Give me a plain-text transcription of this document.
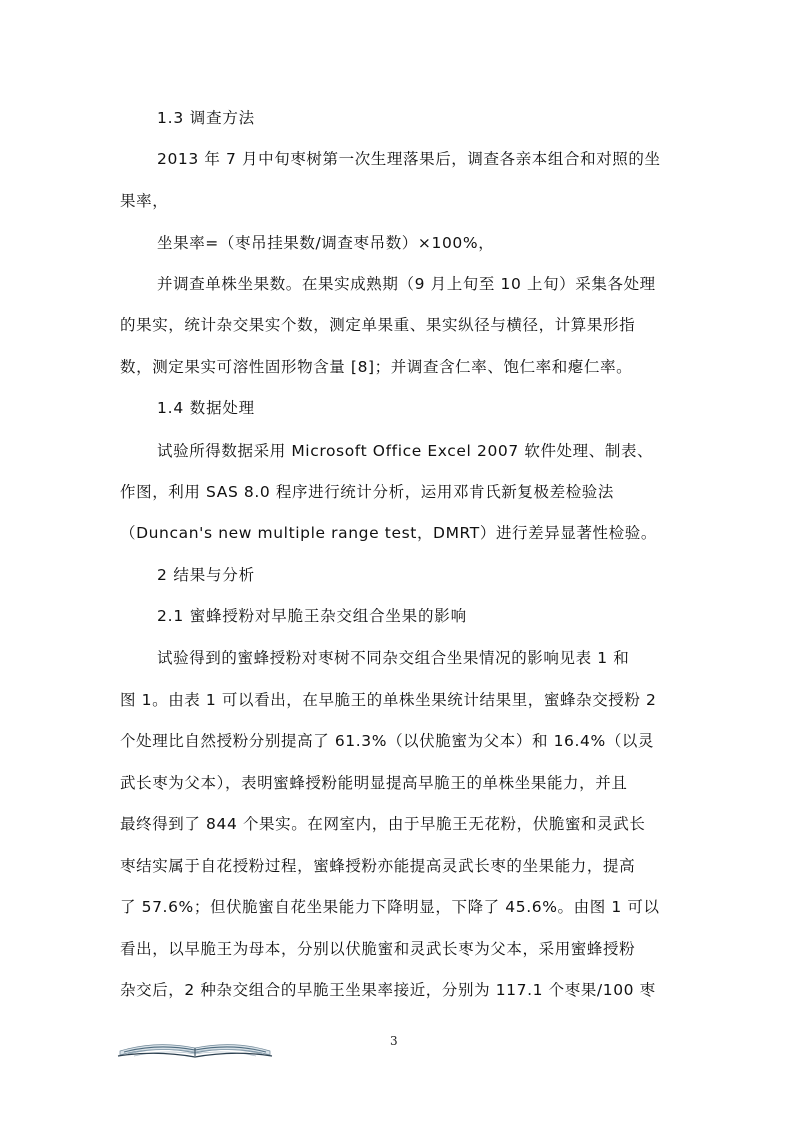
1.3 调查方法
2013 年 7 月中旬枣树第一次生理落果后，调查各亲本组合和对照的坐
果率，
坐果率=（枣吊挂果数/调查枣吊数）×100%，
并调查单株坐果数。在果实成熟期（9 月上旬至 10 上旬）采集各处理
的果实，统计杂交果实个数，测定单果重、果实纵径与横径，计算果形指
数，测定果实可溶性固形物含量 [8]；并调查含仁率、饱仁率和瘪仁率。
1.4 数据处理
试验所得数据采用 Microsoft Office Excel 2007 软件处理、制表、
作图，利用 SAS 8.0 程序进行统计分析，运用邓肯氏新复极差检验法
（Duncan's new multiple range test，DMRT）进行差异显著性检验。
2 结果与分析
2.1 蜜蜂授粉对早脆王杂交组合坐果的影响
试验得到的蜜蜂授粉对枣树不同杂交组合坐果情况的影响见表 1 和
图 1。由表 1 可以看出，在早脆王的单株坐果统计结果里，蜜蜂杂交授粉 2
个处理比自然授粉分别提高了 61.3%（以伏脆蜜为父本）和 16.4%（以灵
武长枣为父本），表明蜜蜂授粉能明显提高早脆王的单株坐果能力，并且
最终得到了 844 个果实。在网室内，由于早脆王无花粉，伏脆蜜和灵武长
枣结实属于自花授粉过程，蜜蜂授粉亦能提高灵武长枣的坐果能力，提高
了 57.6%；但伏脆蜜自花坐果能力下降明显，下降了 45.6%。由图 1 可以
看出，以早脆王为母本，分别以伏脆蜜和灵武长枣为父本，采用蜜蜂授粉
杂交后，2 种杂交组合的早脆王坐果率接近，分别为 117.1 个枣果/100 枣
3
